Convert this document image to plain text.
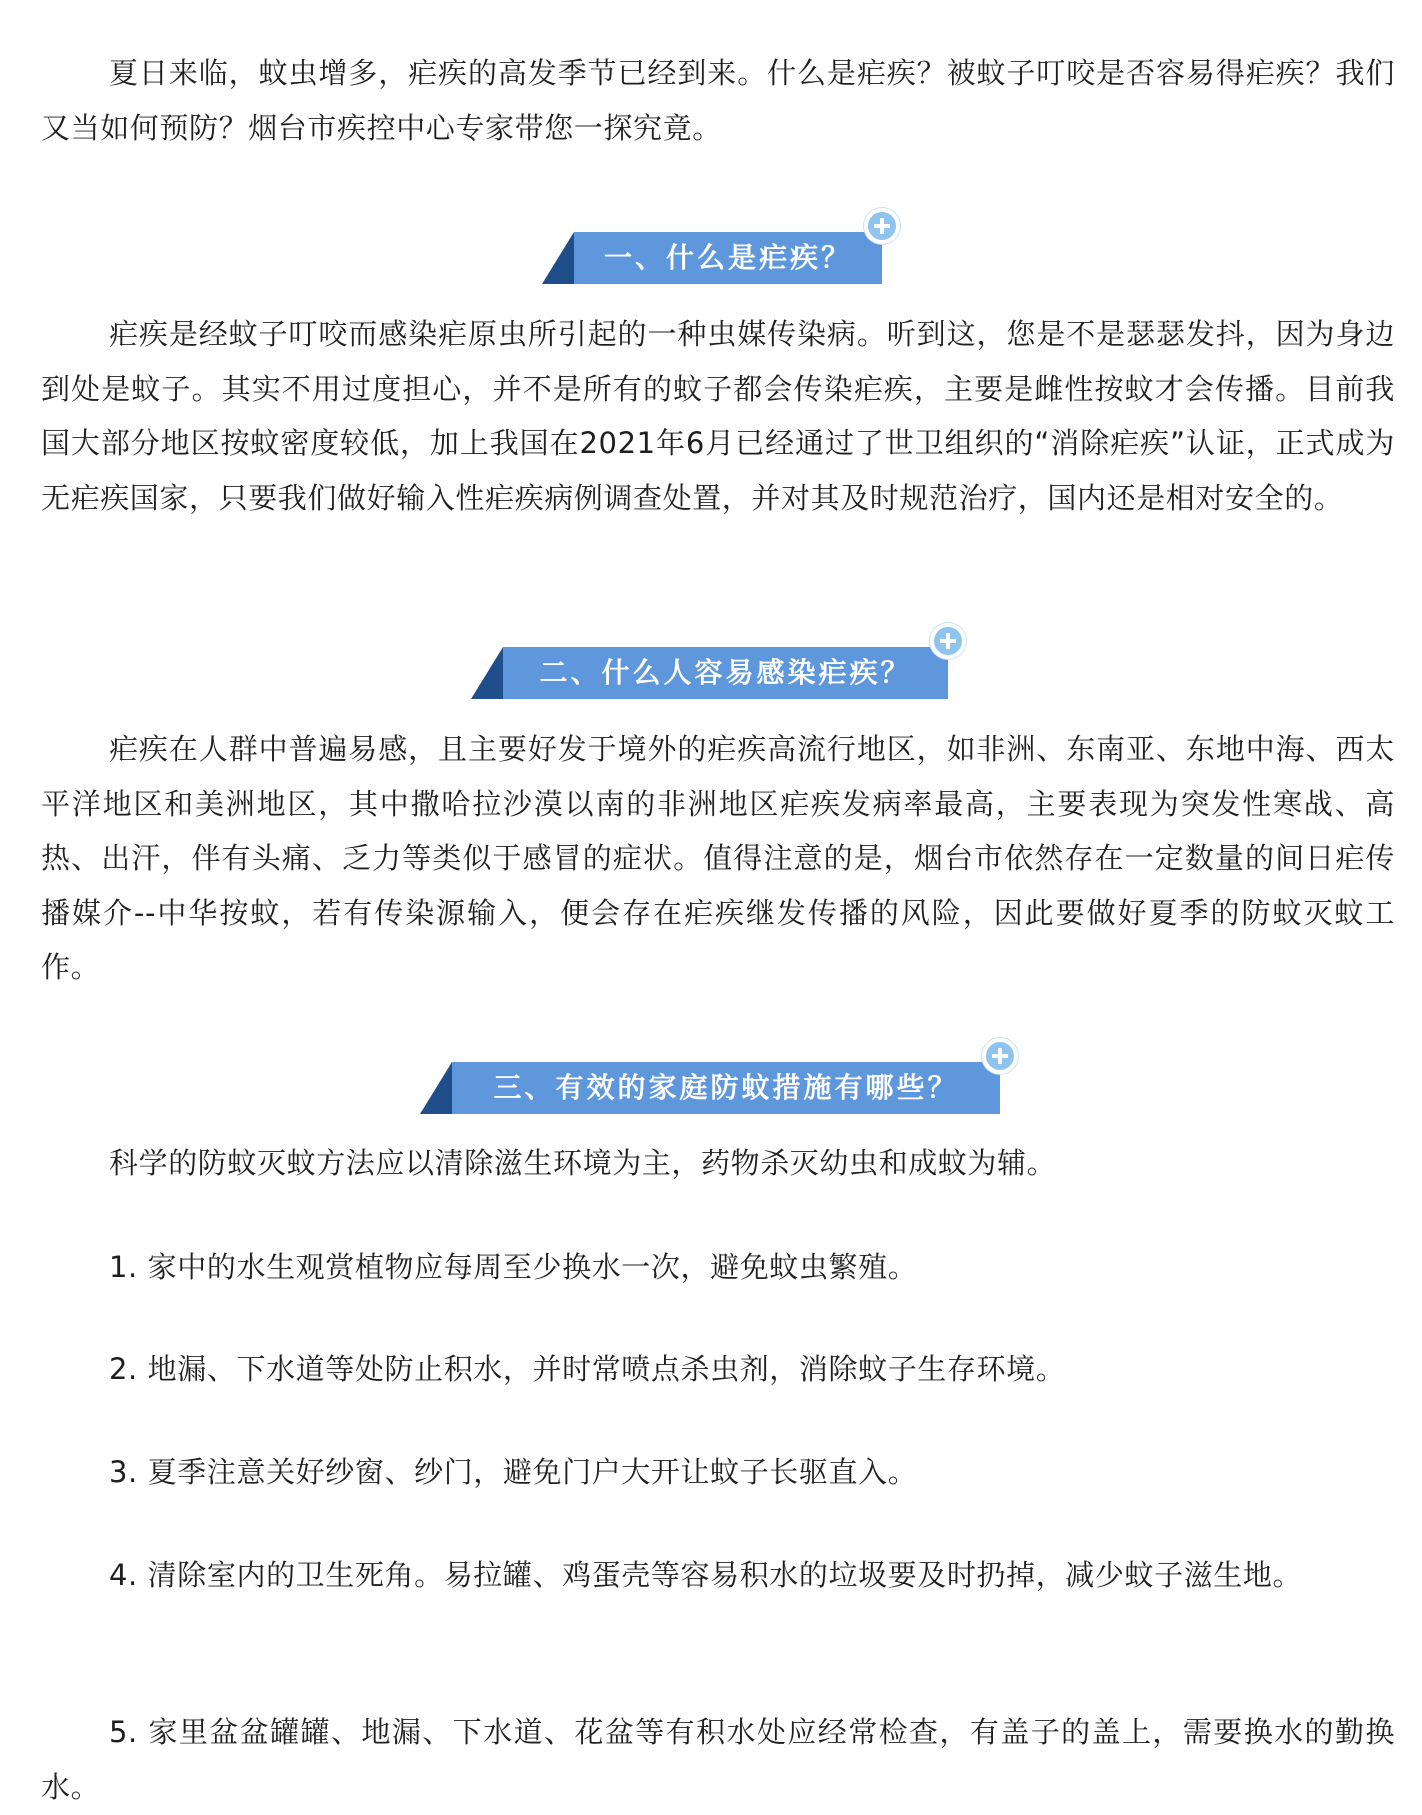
夏日来临，蚊虫增多，疟疾的高发季节已经到来。什么是疟疾？被蚊子叮咬是否容易得疟疾？我们又当如何预防？烟台市疾控中心专家带您一探究竟。

一、什么是疟疾？

疟疾是经蚊子叮咬而感染疟原虫所引起的一种虫媒传染病。听到这，您是不是瑟瑟发抖，因为身边到处是蚊子。其实不用过度担心，并不是所有的蚊子都会传染疟疾，主要是雌性按蚊才会传播。目前我国大部分地区按蚊密度较低，加上我国在2021年6月已经通过了世卫组织的“消除疟疾”认证，正式成为无疟疾国家，只要我们做好输入性疟疾病例调查处置，并对其及时规范治疗，国内还是相对安全的。

二、什么人容易感染疟疾？

疟疾在人群中普遍易感，且主要好发于境外的疟疾高流行地区，如非洲、东南亚、东地中海、西太平洋地区和美洲地区，其中撒哈拉沙漠以南的非洲地区疟疾发病率最高，主要表现为突发性寒战、高热、出汗，伴有头痛、乏力等类似于感冒的症状。值得注意的是，烟台市依然存在一定数量的间日疟传播媒介--中华按蚊，若有传染源输入，便会存在疟疾继发传播的风险，因此要做好夏季的防蚊灭蚊工作。

三、有效的家庭防蚊措施有哪些？

科学的防蚊灭蚊方法应以清除滋生环境为主，药物杀灭幼虫和成蚊为辅。

1. 家中的水生观赏植物应每周至少换水一次，避免蚊虫繁殖。

2. 地漏、下水道等处防止积水，并时常喷点杀虫剂，消除蚊子生存环境。

3. 夏季注意关好纱窗、纱门，避免门户大开让蚊子长驱直入。

4. 清除室内的卫生死角。易拉罐、鸡蛋壳等容易积水的垃圾要及时扔掉，减少蚊子滋生地。

5. 家里盆盆罐罐、地漏、下水道、花盆等有积水处应经常检查，有盖子的盖上，需要换水的勤换水。
